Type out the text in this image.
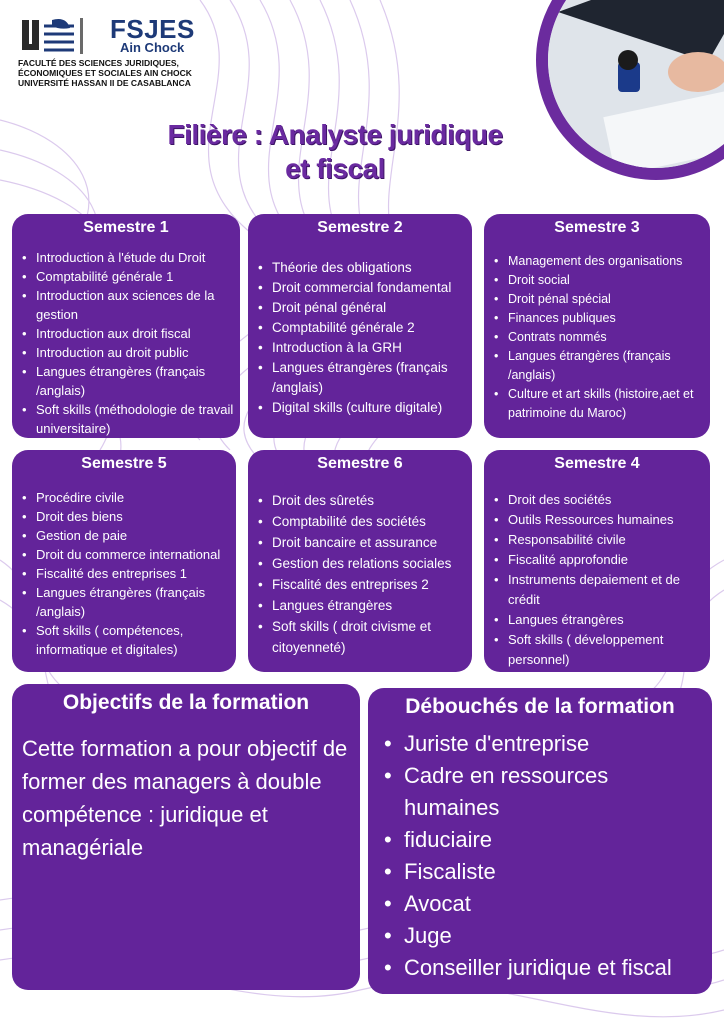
FSJES
Ain Chock
FACULTÉ DES SCIENCES JURIDIQUES,
ÉCONOMIQUES ET SOCIALES AIN CHOCK
UNIVERSITÉ HASSAN II DE CASABLANCA
Filière : Analyste juridique
et fiscal
Semestre 1
• Introduction à l'étude du Droit
• Comptabilité générale 1
• Introduction aux sciences de la gestion
• Introduction aux droit fiscal
• Introduction au droit public
• Langues étrangères (français /anglais)
• Soft skills (méthodologie de travail universitaire)
Semestre 2
• Théorie des obligations
• Droit commercial fondamental
• Droit pénal général
• Comptabilité générale 2
• Introduction à la GRH
• Langues étrangères (français /anglais)
• Digital skills (culture digitale)
Semestre 3
• Management des organisations
• Droit social
• Droit pénal spécial
• Finances publiques
• Contrats nommés
• Langues étrangères (français /anglais)
• Culture et art skills (histoire,aet et patrimoine du Maroc)
Semestre 5
• Procédire civile
• Droit des biens
• Gestion de paie
• Droit du commerce international
• Fiscalité des entreprises 1
• Langues étrangères (français /anglais)
• Soft skills ( compétences, informatique et digitales)
Semestre 6
• Droit des sûretés
• Comptabilité des sociétés
• Droit bancaire et assurance
• Gestion des relations sociales
• Fiscalité des entreprises 2
• Langues étrangères
• Soft skills ( droit civisme et citoyenneté)
Semestre 4
• Droit des sociétés
• Outils Ressources humaines
• Responsabilité civile
• Fiscalité approfondie
• Instruments depaiement et de crédit
• Langues étrangères
• Soft skills ( développement personnel)
Objectifs de la formation
Cette formation a pour objectif de former des managers à double compétence : juridique et managériale
Débouchés de la formation
• Juriste d'entreprise
• Cadre en ressources humaines
• fiduciaire
• Fiscaliste
• Avocat
• Juge
• Conseiller juridique et fiscal
